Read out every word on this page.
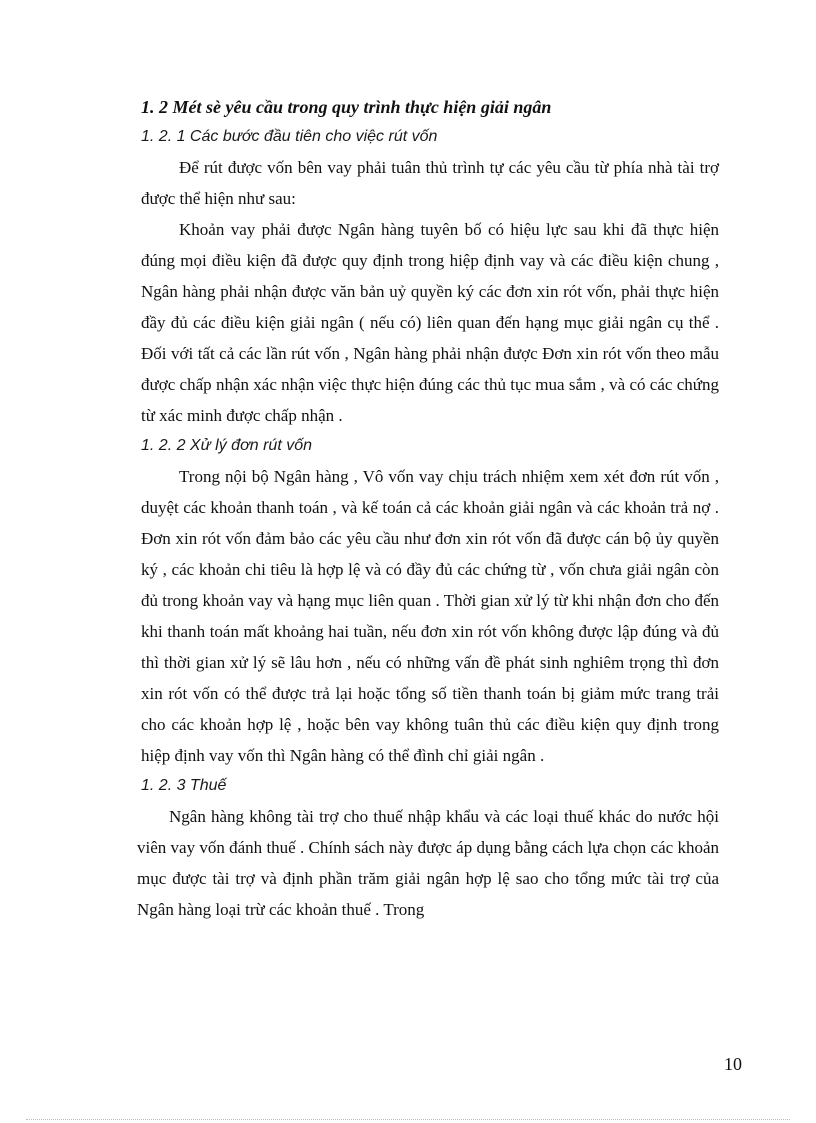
1. 2 Mét sè yêu cầu trong quy trình thực hiện giải ngân
1. 2. 1 Các bước đầu tiên cho việc rút vốn

Để rút được vốn bên vay phải tuân thủ trình tự các yêu cầu từ phía nhà tài trợ được thể hiện như sau:

Khoản vay phải được Ngân hàng tuyên bố có hiệu lực sau khi đã thực hiện đúng mọi điều kiện đã được quy định trong hiệp định vay và các điều kiện chung , Ngân hàng phải nhận được văn bản uỷ quyền ký các đơn xin rót vốn, phải thực hiện đầy đủ các điều kiện giải ngân ( nếu có) liên quan đến hạng mục giải ngân cụ thể . Đối với tất cả các lần rút vốn , Ngân hàng phải nhận được Đơn xin rót vốn theo mẫu được chấp nhận xác nhận việc thực hiện đúng các thủ tục mua sắm , và có các chứng từ xác minh được chấp nhận .

1. 2. 2 Xử lý đơn rút vốn

Trong nội bộ Ngân hàng , Vô vốn vay chịu trách nhiệm xem xét đơn rút vốn , duyệt các khoản thanh toán , và kế toán cả các khoản giải ngân và các khoản trả nợ . Đơn xin rót vốn đảm bảo các yêu cầu như đơn xin rót vốn đã được cán bộ ủy quyền ký , các khoản chi tiêu là hợp lệ và có đầy đủ các chứng từ , vốn chưa giải ngân còn đủ trong khoản vay và hạng mục liên quan . Thời gian xử lý từ khi nhận đơn cho đến khi thanh toán mất khoảng hai tuần, nếu đơn xin rót vốn không được lập đúng và đủ thì thời gian xử lý sẽ lâu hơn , nếu có những vấn đề phát sinh nghiêm trọng thì đơn xin rót vốn có thể được trả lại hoặc tổng số tiền thanh toán bị giảm mức trang trải cho các khoản hợp lệ , hoặc bên vay không tuân thủ các điều kiện quy định trong hiệp định vay vốn thì Ngân hàng có thể đình chỉ giải ngân .

1. 2. 3 Thuế

Ngân hàng không tài trợ cho thuế nhập khẩu và các loại thuế khác do nước hội viên vay vốn đánh thuế . Chính sách này được áp dụng bằng cách lựa chọn các khoản mục được tài trợ và định phần trăm giải ngân hợp lệ sao cho tổng mức tài trợ của Ngân hàng loại trừ các khoản thuế . Trong

10
